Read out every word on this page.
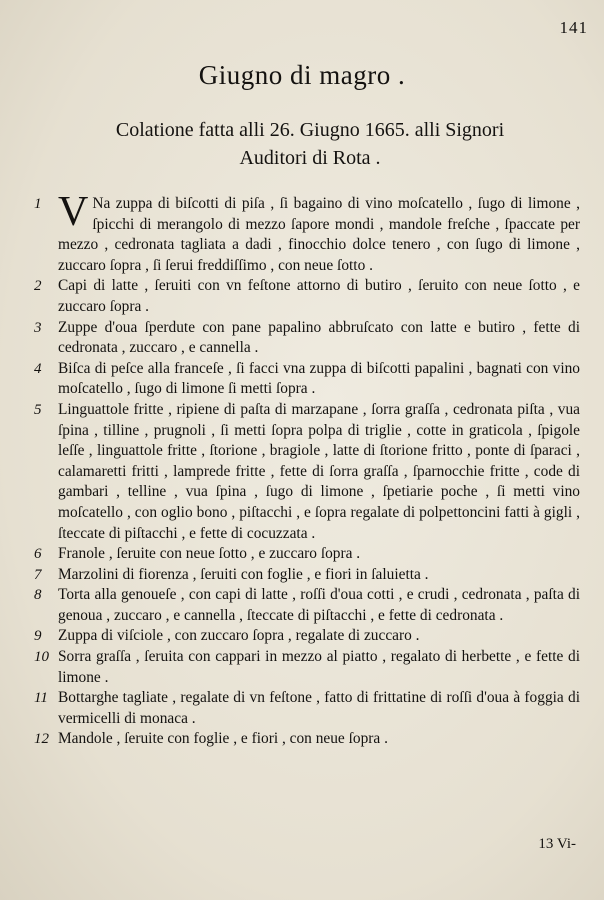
141
Giugno di magro .
Colatione fatta alli 26. Giugno 1665. alli Signori
Auditori di Rota .
1 V Na zuppa di biſcotti di piſa , ſi bagaino di vino moſcatello , ſugo di limone , ſpicchi di merangolo di mezzo ſapore mondi , mandole freſche , ſpaccate per mezzo , cedronata tagliata a dadi , finocchio dolce tenero , con ſugo di limone , zuccaro ſopra , ſi ſerui freddiſſimo , con neue ſotto .
2 Capi di latte , ſeruiti con vn feſtone attorno di butiro , ſeruito con neue ſotto , e zuccaro ſopra .
3 Zuppe d'oua ſperdute con pane papalino abbruſcato con latte e butiro , fette di cedronata , zuccaro , e cannella .
4 Biſca di peſce alla franceſe , ſi facci vna zuppa di biſcotti papalini , bagnati con vino moſcatello , ſugo di limone ſi metti ſopra .
5 Linguattole fritte , ripiene di paſta di marzapane , ſorra graſſa , cedronata piſta , vua ſpina , tilline , prugnoli , ſi metti ſopra polpa di triglie , cotte in graticola , ſpigole leſſe , linguattole fritte , ſtorione , bragiole , latte di ſtorione fritto , ponte di ſparaci , calamaretti fritti , lamprede fritte , fette di ſorra graſſa , ſparnocchie fritte , code di gambari , telline , vua ſpina , ſugo di limone , ſpetiarie poche , ſi metti vino moſcatello , con oglio bono , piſtacchi , e ſopra regalate di polpettoncini fatti à gigli , ſteccate di piſtacchi , e fette di cocuzzata .
6 Franole , ſeruite con neue ſotto , e zuccaro ſopra .
7 Marzolini di fiorenza , ſeruiti con foglie , e fiori in ſaluietta .
8 Torta alla genoueſe , con capi di latte , roſſi d'oua cotti , e crudi , cedronata , paſta di genoua , zuccaro , e cannella , ſteccate di piſtacchi , e fette di cedronata .
9 Zuppa di viſciole , con zuccaro ſopra , regalate di zuccaro .
10 Sorra graſſa , ſeruita con cappari in mezzo al piatto , regalato di herbette , e fette di limone .
11 Bottarghe tagliate , regalate di vn feſtone , fatto di frittatine di roſſi d'oua à foggia di vermicelli di monaca .
12 Mandole , ſeruite con foglie , e fiori , con neue ſopra .
13 Vi-
